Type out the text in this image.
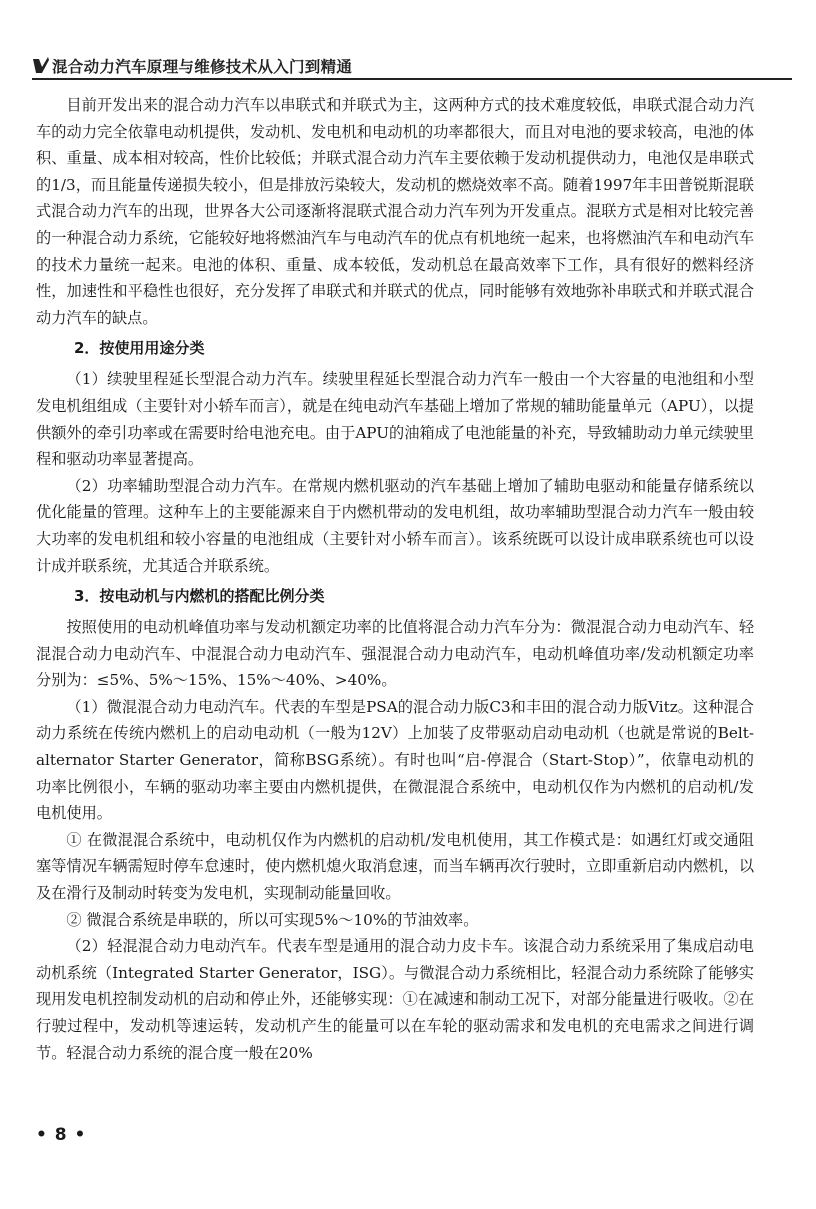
混合动力汽车原理与维修技术从入门到精通

目前开发出来的混合动力汽车以串联式和并联式为主，这两种方式的技术难度较低，串联式混合动力汽车的动力完全依靠电动机提供，发动机、发电机和电动机的功率都很大，而且对电池的要求较高，电池的体积、重量、成本相对较高，性价比较低；并联式混合动力汽车主要依赖于发动机提供动力，电池仅是串联式的1/3，而且能量传递损失较小，但是排放污染较大，发动机的燃烧效率不高。随着1997年丰田普锐斯混联式混合动力汽车的出现，世界各大公司逐渐将混联式混合动力汽车列为开发重点。混联方式是相对比较完善的一种混合动力系统，它能较好地将燃油汽车与电动汽车的优点有机地统一起来，也将燃油汽车和电动汽车的技术力量统一起来。电池的体积、重量、成本较低，发动机总在最高效率下工作，具有很好的燃料经济性，加速性和平稳性也很好，充分发挥了串联式和并联式的优点，同时能够有效地弥补串联式和并联式混合动力汽车的缺点。

2．按使用用途分类

（1）续驶里程延长型混合动力汽车。续驶里程延长型混合动力汽车一般由一个大容量的电池组和小型发电机组组成（主要针对小轿车而言），就是在纯电动汽车基础上增加了常规的辅助能量单元（APU），以提供额外的牵引功率或在需要时给电池充电。由于APU的油箱成了电池能量的补充，导致辅助动力单元续驶里程和驱动功率显著提高。

（2）功率辅助型混合动力汽车。在常规内燃机驱动的汽车基础上增加了辅助电驱动和能量存储系统以优化能量的管理。这种车上的主要能源来自于内燃机带动的发电机组，故功率辅助型混合动力汽车一般由较大功率的发电机组和较小容量的电池组成（主要针对小轿车而言）。该系统既可以设计成串联系统也可以设计成并联系统，尤其适合并联系统。

3．按电动机与内燃机的搭配比例分类

按照使用的电动机峰值功率与发动机额定功率的比值将混合动力汽车分为：微混混合动力电动汽车、轻混混合动力电动汽车、中混混合动力电动汽车、强混混合动力电动汽车，电动机峰值功率/发动机额定功率分别为：≤5%、5%～15%、15%～40%、>40%。

（1）微混混合动力电动汽车。代表的车型是PSA的混合动力版C3和丰田的混合动力版Vitz。这种混合动力系统在传统内燃机上的启动电动机（一般为12V）上加装了皮带驱动启动电动机（也就是常说的Belt-alternator Starter Generator，简称BSG系统）。有时也叫“启-停混合（Start-Stop）”，依靠电动机的功率比例很小，车辆的驱动功率主要由内燃机提供，在微混混合系统中，电动机仅作为内燃机的启动机/发电机使用。

① 在微混混合系统中，电动机仅作为内燃机的启动机/发电机使用，其工作模式是：如遇红灯或交通阻塞等情况车辆需短时停车怠速时，使内燃机熄火取消怠速，而当车辆再次行驶时，立即重新启动内燃机，以及在滑行及制动时转变为发电机，实现制动能量回收。

② 微混合系统是串联的，所以可实现5%～10%的节油效率。

（2）轻混混合动力电动汽车。代表车型是通用的混合动力皮卡车。该混合动力系统采用了集成启动电动机系统（Integrated Starter Generator，ISG）。与微混合动力系统相比，轻混合动力系统除了能够实现用发电机控制发动机的启动和停止外，还能够实现：①在减速和制动工况下，对部分能量进行吸收。②在行驶过程中，发动机等速运转，发动机产生的能量可以在车轮的驱动需求和发电机的充电需求之间进行调节。轻混合动力系统的混合度一般在20%

• 8 •
